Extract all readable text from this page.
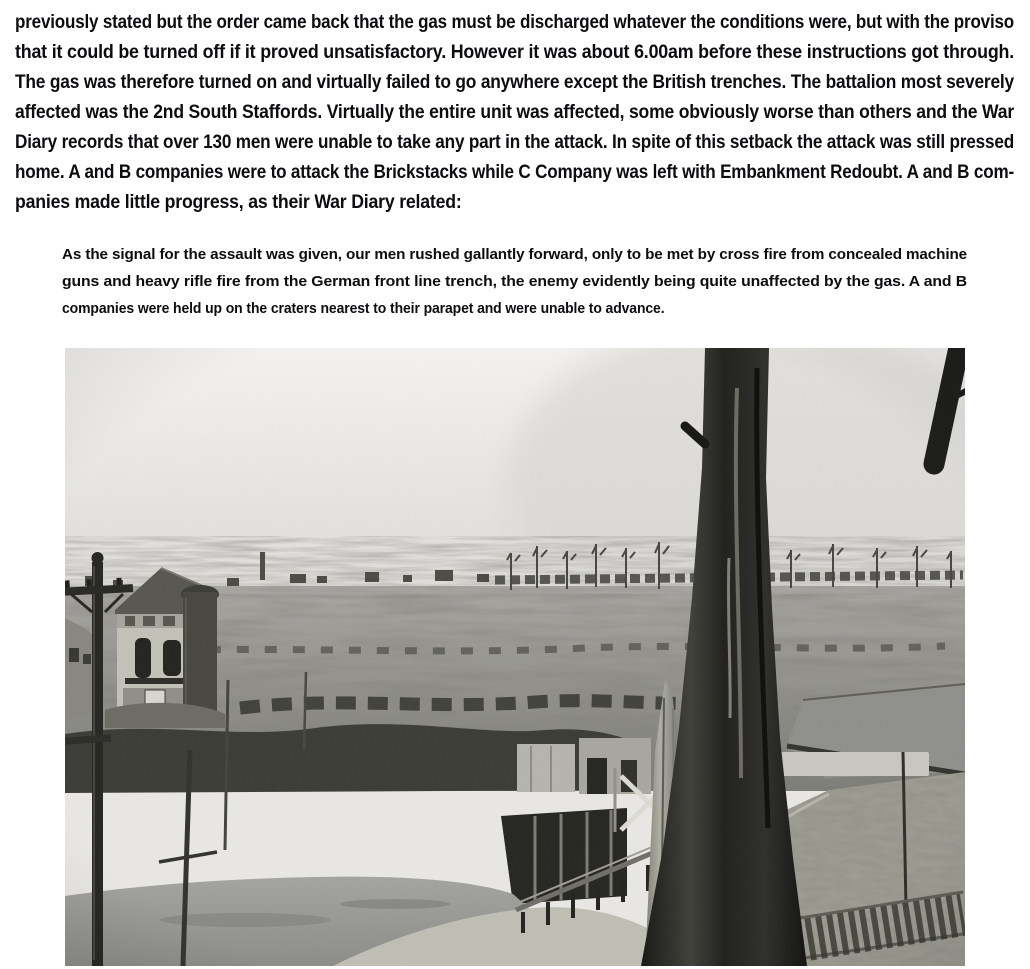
previously stated but the order came back that the gas must be discharged whatever the conditions were, but with the proviso
that it could be turned off if it proved unsatisfactory. However it was about 6.00am before these instructions got through.
The gas was therefore turned on and virtually failed to go anywhere except the British trenches. The battalion most severely
affected was the 2nd South Staffords. Virtually the entire unit was affected, some obviously worse than others and the War
Diary records that over 130 men were unable to take any part in the attack. In spite of this setback the attack was still pressed
home. A and B companies were to attack the Brickstacks while C Company was left with Embankment Redoubt. A and B com-
panies made little progress, as their War Diary related:
As the signal for the assault was given, our men rushed gallantly forward, only to be met by cross fire from concealed machine
guns and heavy rifle fire from the German front line trench, the enemy evidently being quite unaffected by the gas. A and B
companies were held up on the craters nearest to their parapet and were unable to advance.
